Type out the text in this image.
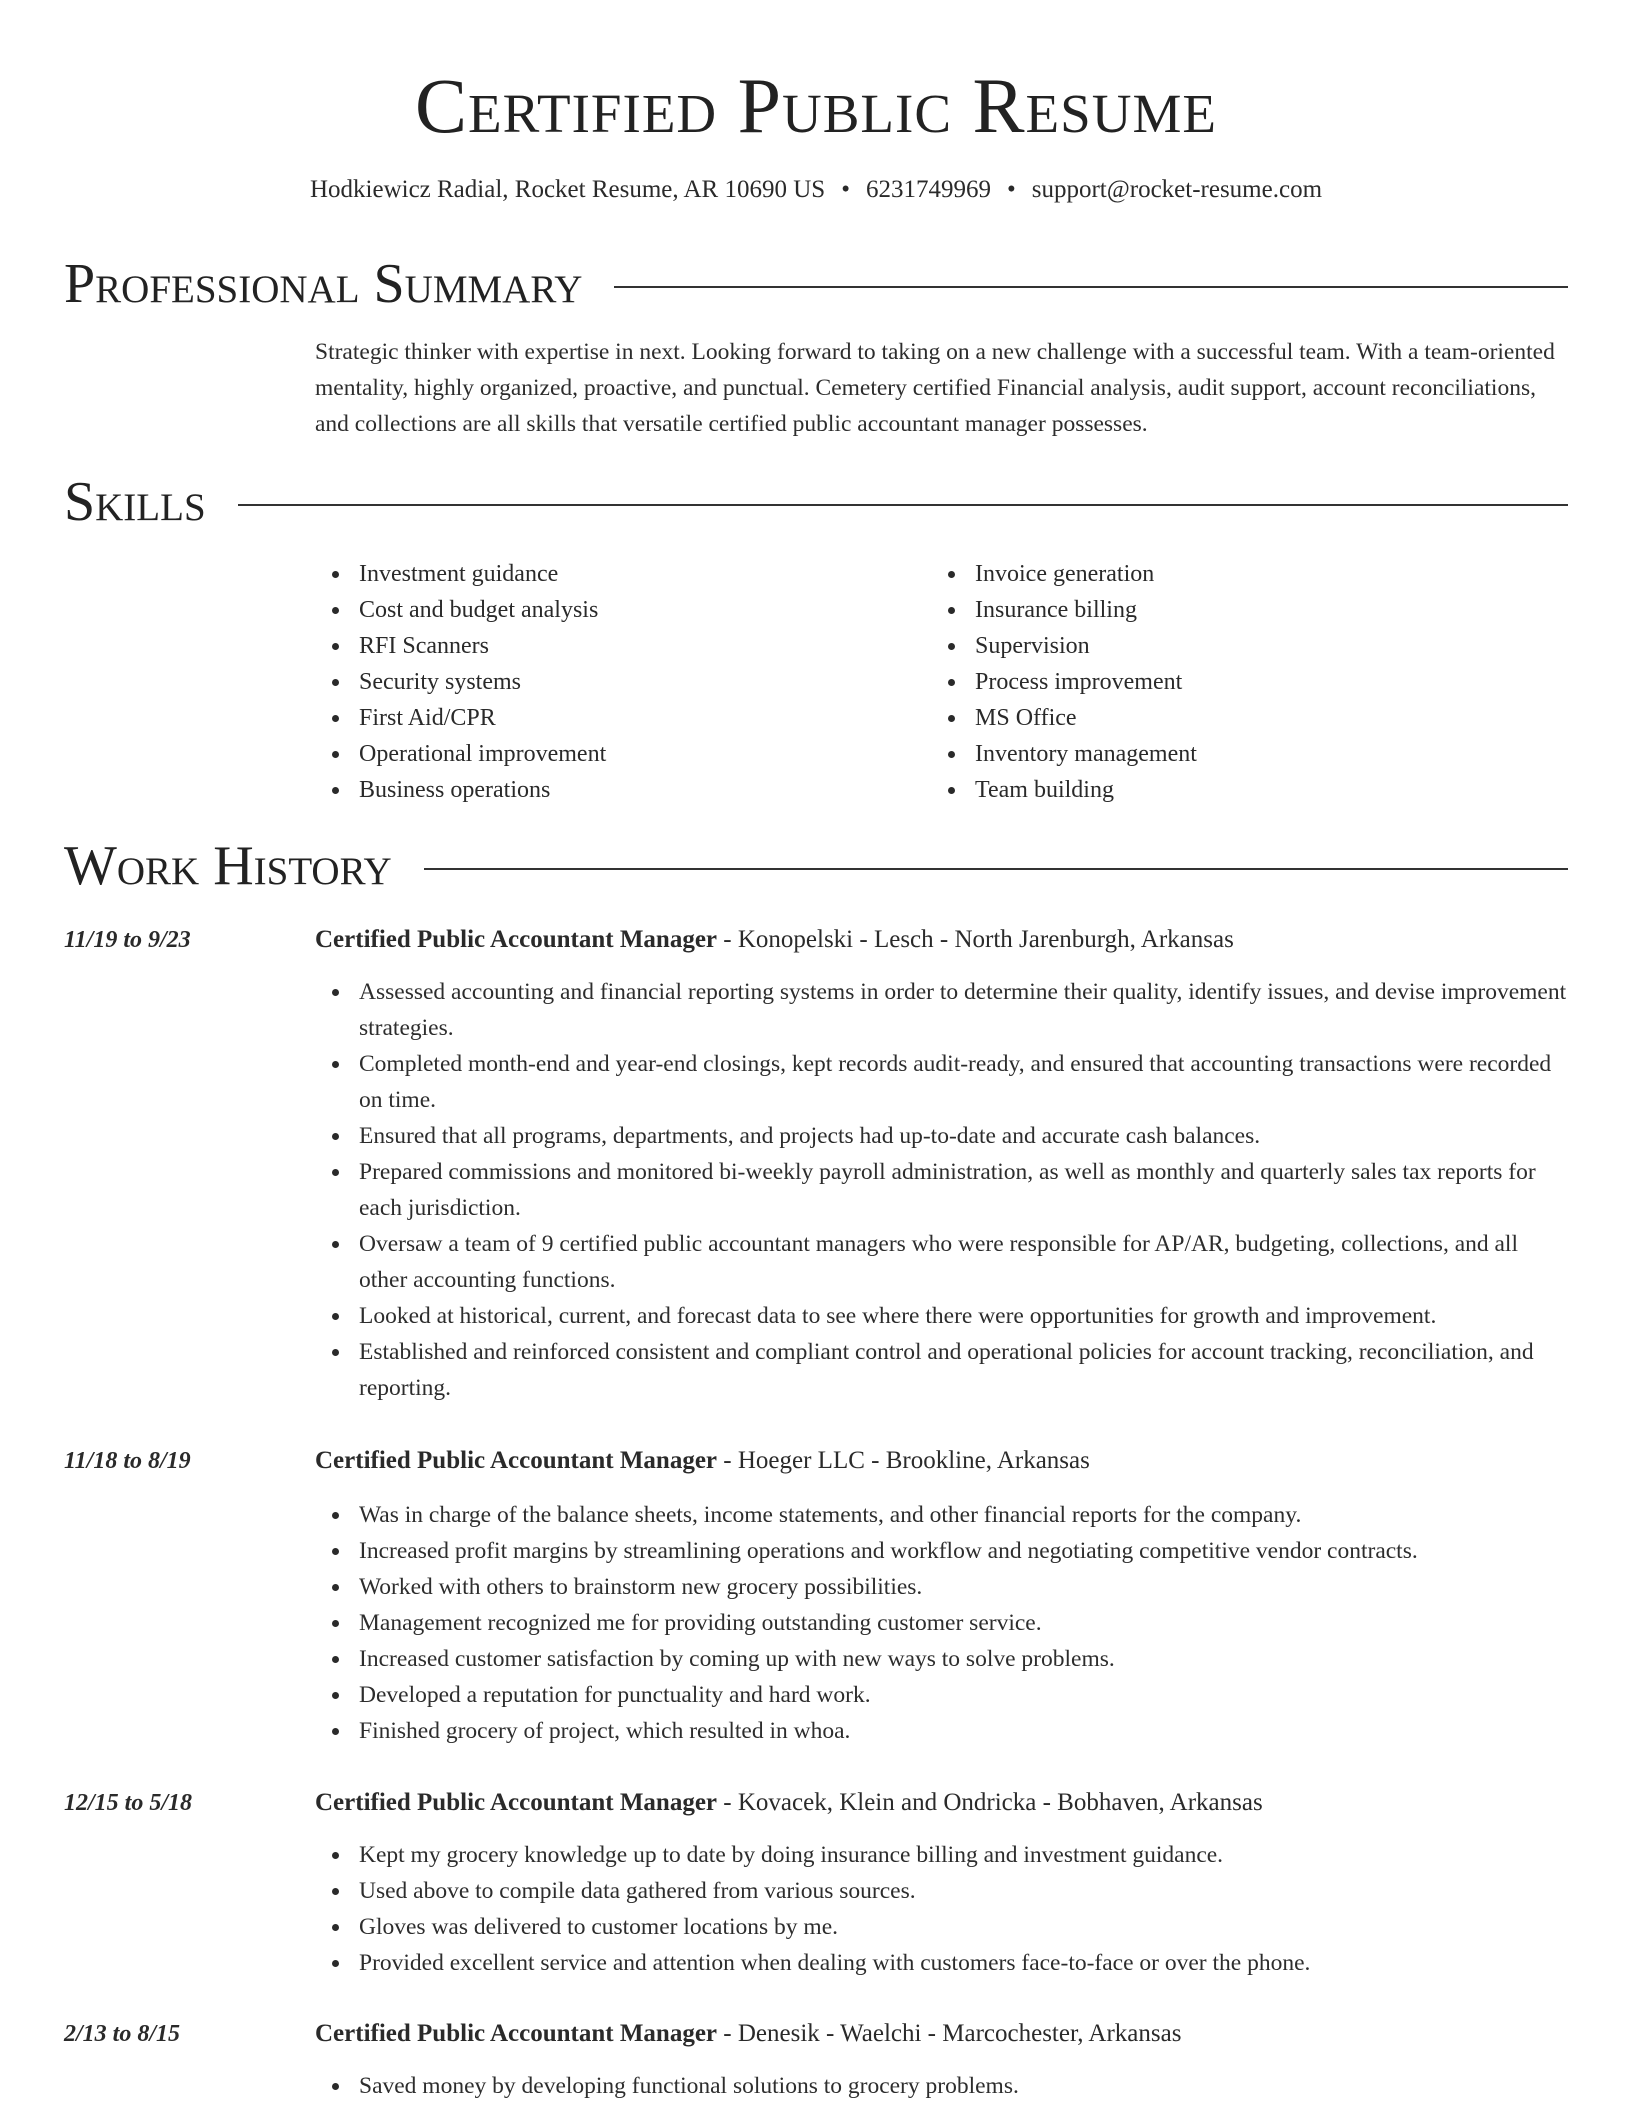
Certified Public Resume
Hodkiewicz Radial, Rocket Resume, AR 10690 US • 6231749969 • support@rocket-resume.com
Professional Summary
Strategic thinker with expertise in next. Looking forward to taking on a new challenge with a successful team. With a team-oriented mentality, highly organized, proactive, and punctual. Cemetery certified Financial analysis, audit support, account reconciliations, and collections are all skills that versatile certified public accountant manager possesses.
Skills
Investment guidance
Cost and budget analysis
RFI Scanners
Security systems
First Aid/CPR
Operational improvement
Business operations
Invoice generation
Insurance billing
Supervision
Process improvement
MS Office
Inventory management
Team building
Work History
11/19 to 9/23	Certified Public Accountant Manager - Konopelski - Lesch - North Jarenburgh, Arkansas
Assessed accounting and financial reporting systems in order to determine their quality, identify issues, and devise improvement strategies.
Completed month-end and year-end closings, kept records audit-ready, and ensured that accounting transactions were recorded on time.
Ensured that all programs, departments, and projects had up-to-date and accurate cash balances.
Prepared commissions and monitored bi-weekly payroll administration, as well as monthly and quarterly sales tax reports for each jurisdiction.
Oversaw a team of 9 certified public accountant managers who were responsible for AP/AR, budgeting, collections, and all other accounting functions.
Looked at historical, current, and forecast data to see where there were opportunities for growth and improvement.
Established and reinforced consistent and compliant control and operational policies for account tracking, reconciliation, and reporting.
11/18 to 8/19	Certified Public Accountant Manager - Hoeger LLC - Brookline, Arkansas
Was in charge of the balance sheets, income statements, and other financial reports for the company.
Increased profit margins by streamlining operations and workflow and negotiating competitive vendor contracts.
Worked with others to brainstorm new grocery possibilities.
Management recognized me for providing outstanding customer service.
Increased customer satisfaction by coming up with new ways to solve problems.
Developed a reputation for punctuality and hard work.
Finished grocery of project, which resulted in whoa.
12/15 to 5/18	Certified Public Accountant Manager - Kovacek, Klein and Ondricka - Bobhaven, Arkansas
Kept my grocery knowledge up to date by doing insurance billing and investment guidance.
Used above to compile data gathered from various sources.
Gloves was delivered to customer locations by me.
Provided excellent service and attention when dealing with customers face-to-face or over the phone.
2/13 to 8/15	Certified Public Accountant Manager - Denesik - Waelchi - Marcochester, Arkansas
Saved money by developing functional solutions to grocery problems.
